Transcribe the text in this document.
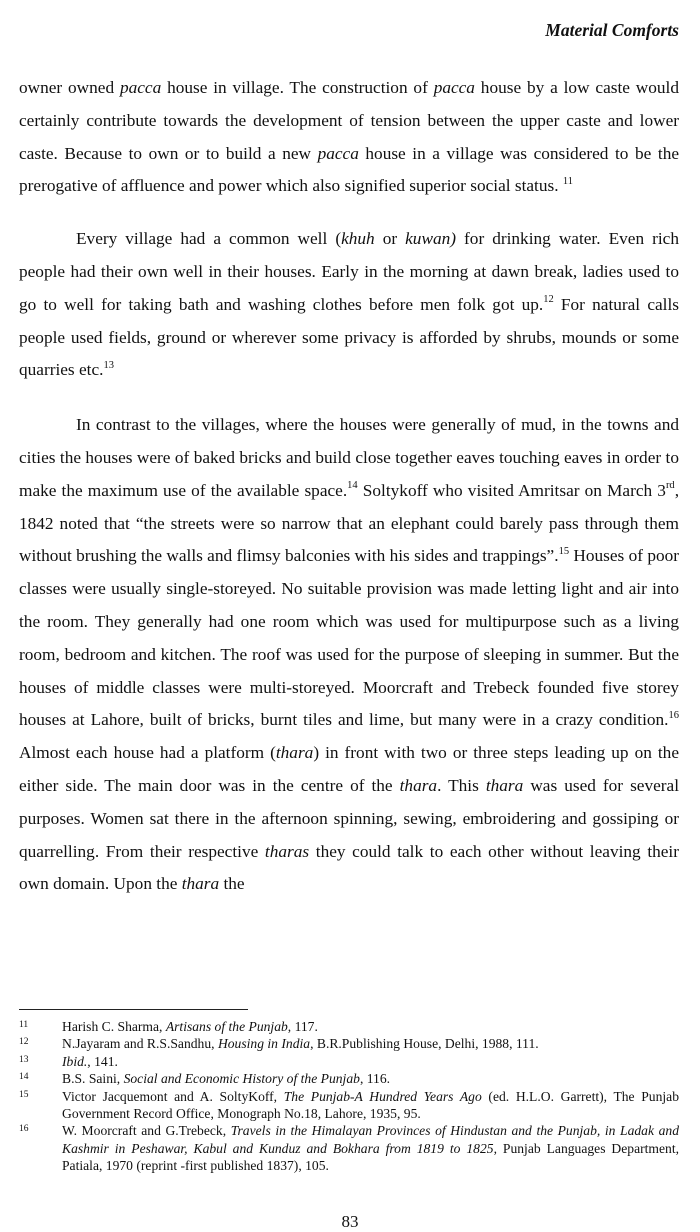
Material Comforts

owner owned pacca house in village. The construction of pacca house by a low caste would certainly contribute towards the development of tension between the upper caste and lower caste. Because to own or to build a new pacca house in a village was considered to be the prerogative of affluence and power which also signified superior social status. $^{11}$

Every village had a common well (khuh or kuwan) for drinking water. Even rich people had their own well in their houses. Early in the morning at dawn break, ladies used to go to well for taking bath and washing clothes before men folk got up.$^{12}$ For natural calls people used fields, ground or wherever some privacy is afforded by shrubs, mounds or some quarries etc.$^{13}$

In contrast to the villages, where the houses were generally of mud, in the towns and cities the houses were of baked bricks and build close together eaves touching eaves in order to make the maximum use of the available space.$^{14}$ Soltykoff who visited Amritsar on March 3rd, 1842 noted that “the streets were so narrow that an elephant could barely pass through them without brushing the walls and flimsy balconies with his sides and trappings”.$^{15}$ Houses of poor classes were usually single-storeyed. No suitable provision was made letting light and air into the room. They generally had one room which was used for multipurpose such as a living room, bedroom and kitchen. The roof was used for the purpose of sleeping in summer. But the houses of middle classes were multi-storeyed. Moorcraft and Trebeck founded five storey houses at Lahore, built of bricks, burnt tiles and lime, but many were in a crazy condition.$^{16}$ Almost each house had a platform (thara) in front with two or three steps leading up on the either side. The main door was in the centre of the thara. This thara was used for several purposes. Women sat there in the afternoon spinning, sewing, embroidering and gossiping or quarrelling. From their respective tharas they could talk to each other without leaving their own domain. Upon the thara the

11	Harish C. Sharma, Artisans of the Punjab, 117.
12	N.Jayaram and R.S.Sandhu, Housing in India, B.R.Publishing House, Delhi, 1988, 111.
13	Ibid., 141.
14	B.S. Saini, Social and Economic History of the Punjab, 116.
15	Victor Jacquemont and A. SoltyKoff, The Punjab-A Hundred Years Ago (ed. H.L.O. Garrett), The Punjab Government Record Office, Monograph No.18, Lahore, 1935, 95.
16	W. Moorcraft and G.Trebeck, Travels in the Himalayan Provinces of Hindustan and the Punjab, in Ladak and Kashmir in Peshawar, Kabul and Kunduz and Bokhara from 1819 to 1825, Punjab Languages Department, Patiala, 1970 (reprint -first published 1837), 105.
83
